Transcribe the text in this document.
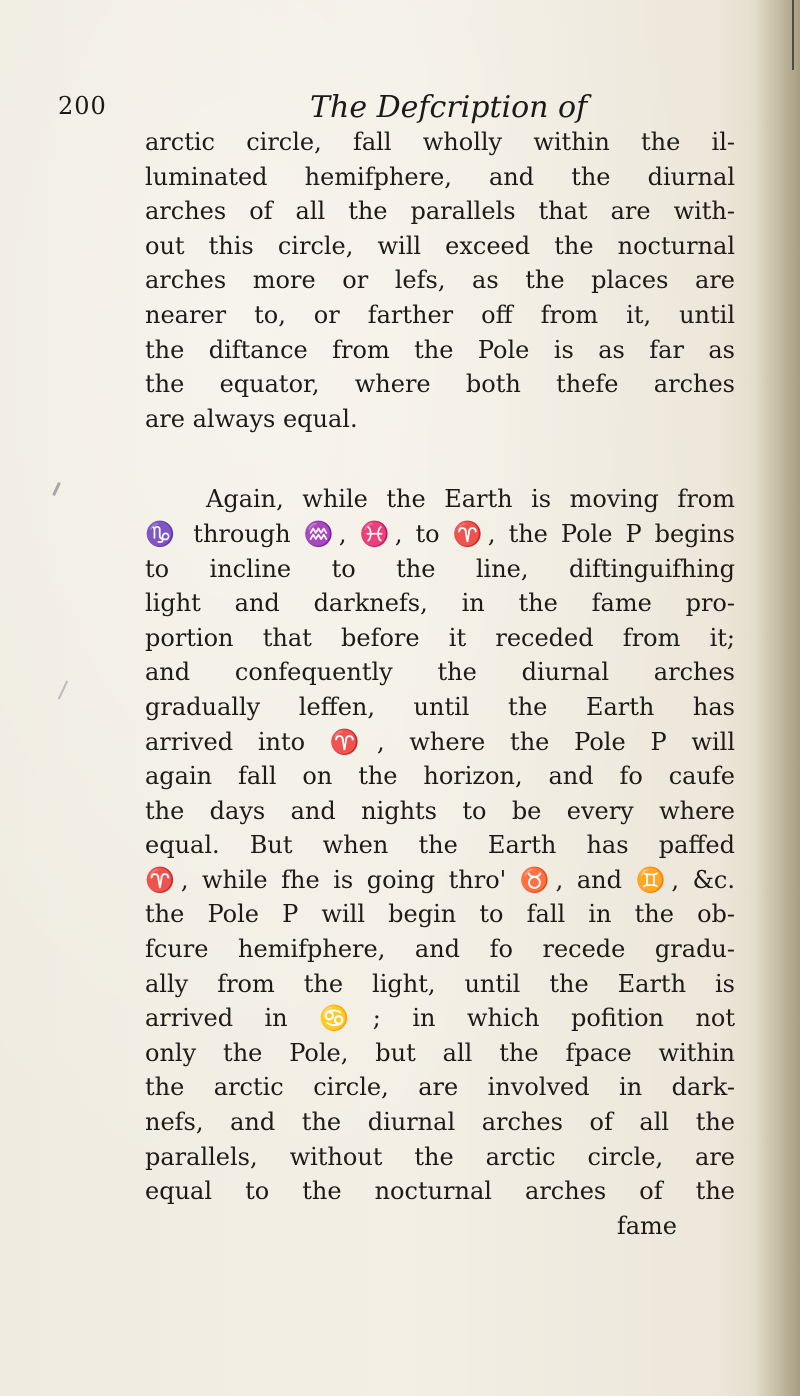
200	The Defcription of
arctic circle, fall wholly within the il-
luminated hemifphere, and the diurnal
arches of all the parallels that are with-
out this circle, will exceed the nocturnal
arches more or lefs, as the places are
nearer to, or farther off from it, until
the diftance from the Pole is as far as
the equator, where both thefe arches
are always equal.
Again, while the Earth is moving from
♑ through ♒, ♓, to ♈, the Pole P begins
to incline to the line, diftinguifhing
light and darknefs, in the fame pro-
portion that before it receded from it;
and confequently the diurnal arches
gradually leffen, until the Earth has
arrived into ♈, where the Pole P will
again fall on the horizon, and fo caufe
the days and nights to be every where
equal. But when the Earth has paffed
♈, while fhe is going thro' ♉, and ♊, &c.
the Pole P will begin to fall in the ob-
fcure hemifphere, and fo recede gradu-
ally from the light, until the Earth is
arrived in ♋; in which pofition not
only the Pole, but all the fpace within
the arctic circle, are involved in dark-
nefs, and the diurnal arches of all the
parallels, without the arctic circle, are
equal to the nocturnal arches of the
fame
